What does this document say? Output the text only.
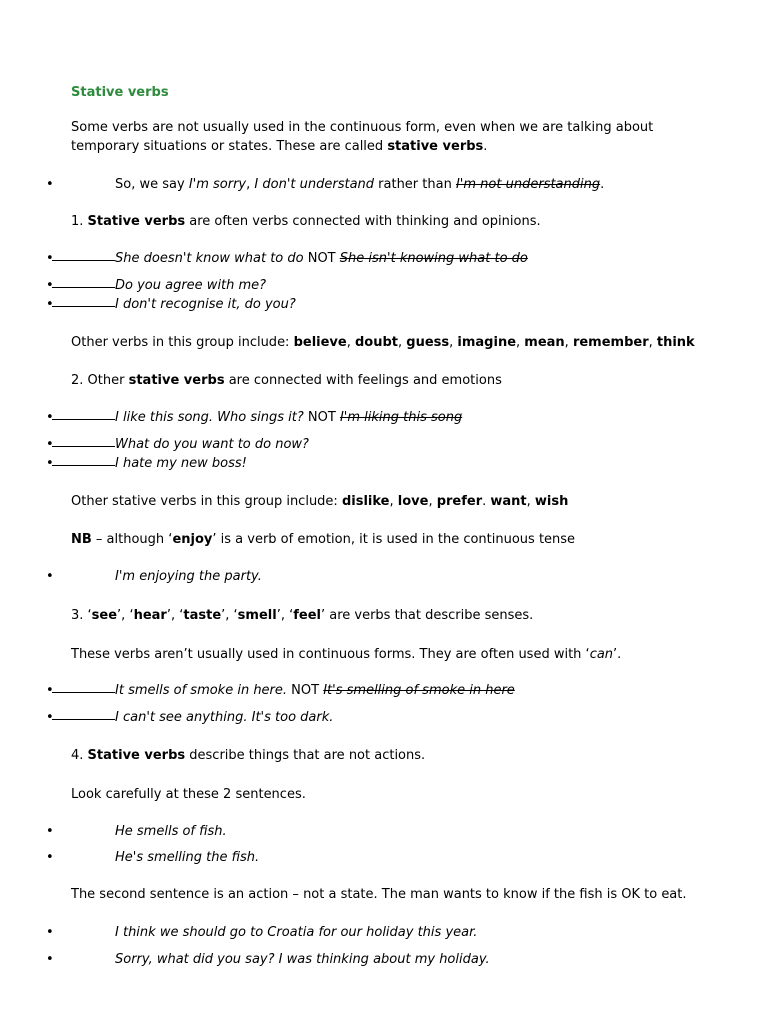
Stative verbs
Some verbs are not usually used in the continuous form, even when we are talking about
temporary situations or states. These are called stative verbs.
•	So, we say I'm sorry, I don't understand rather than I'm not understanding.
1. Stative verbs are often verbs connected with thinking and opinions.
•	She doesn't know what to do NOT She isn't knowing what to do
•	Do you agree with me?
•	I don't recognise it, do you?
Other verbs in this group include: believe, doubt, guess, imagine, mean, remember, think
2. Other stative verbs are connected with feelings and emotions
•	I like this song. Who sings it? NOT I'm liking this song
•	What do you want to do now?
•	I hate my new boss!
Other stative verbs in this group include: dislike, love, prefer. want, wish
NB – although ‘enjoy’ is a verb of emotion, it is used in the continuous tense
•	I'm enjoying the party.
3. ‘see’, ‘hear’, ‘taste’, ‘smell’, ‘feel’ are verbs that describe senses.
These verbs aren’t usually used in continuous forms. They are often used with ‘can’.
•	It smells of smoke in here. NOT It's smelling of smoke in here
•	I can't see anything. It's too dark.
4. Stative verbs describe things that are not actions.
Look carefully at these 2 sentences.
•	He smells of fish.
•	He's smelling the fish.
The second sentence is an action – not a state. The man wants to know if the fish is OK to eat.
•	I think we should go to Croatia for our holiday this year.
•	Sorry, what did you say? I was thinking about my holiday.
